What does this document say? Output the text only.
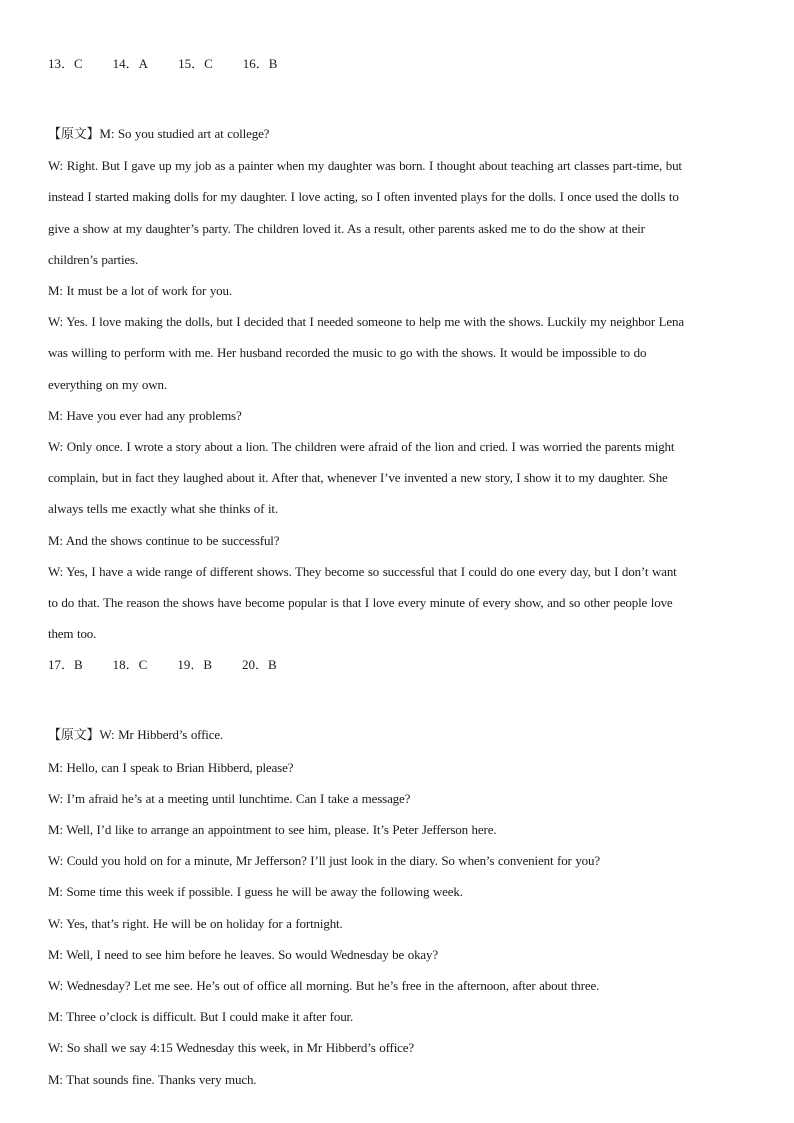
13．C 14．A 15．C 16．B

【原文】M: So you studied art at college?

W: Right. But I gave up my job as a painter when my daughter was born. I thought about teaching art classes part-time, but

instead I started making dolls for my daughter. I love acting, so I often invented plays for the dolls. I once used the dolls to

give a show at my daughter’s party. The children loved it. As a result, other parents asked me to do the show at their

children’s parties.

M: It must be a lot of work for you.

W: Yes. I love making the dolls, but I decided that I needed someone to help me with the shows. Luckily my neighbor Lena

was willing to perform with me. Her husband recorded the music to go with the shows. It would be impossible to do

everything on my own.

M: Have you ever had any problems?

W: Only once. I wrote a story about a lion. The children were afraid of the lion and cried. I was worried the parents might

complain, but in fact they laughed about it. After that, whenever I’ve invented a new story, I show it to my daughter. She

always tells me exactly what she thinks of it.

M: And the shows continue to be successful?

W: Yes, I have a wide range of different shows. They become so successful that I could do one every day, but I don’t want

to do that. The reason the shows have become popular is that I love every minute of every show, and so other people love

them too.

17．B 18．C 19．B 20．B

【原文】W: Mr Hibberd’s office.

M: Hello, can I speak to Brian Hibberd, please?

W: I’m afraid he’s at a meeting until lunchtime. Can I take a message?

M: Well, I’d like to arrange an appointment to see him, please. It’s Peter Jefferson here.

W: Could you hold on for a minute, Mr Jefferson? I’ll just look in the diary. So when’s convenient for you?

M: Some time this week if possible. I guess he will be away the following week.

W: Yes, that’s right. He will be on holiday for a fortnight.

M: Well, I need to see him before he leaves. So would Wednesday be okay?

W: Wednesday? Let me see. He’s out of office all morning. But he’s free in the afternoon, after about three.

M: Three o’clock is difficult. But I could make it after four.

W: So shall we say 4:15 Wednesday this week, in Mr Hibberd’s office?

M: That sounds fine. Thanks very much.
